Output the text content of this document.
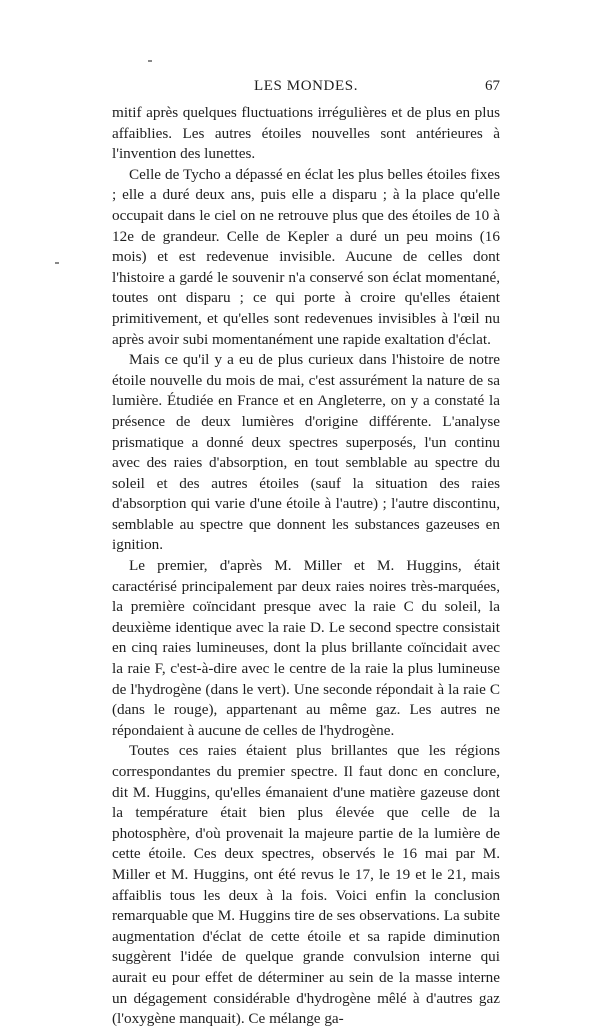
LES MONDES.	67

mitif après quelques fluctuations irrégulières et de plus en plus affaiblies. Les autres étoiles nouvelles sont antérieures à l'invention des lunettes.

Celle de Tycho a dépassé en éclat les plus belles étoiles fixes ; elle a duré deux ans, puis elle a disparu ; à la place qu'elle occupait dans le ciel on ne retrouve plus que des étoiles de 10 à 12e de grandeur. Celle de Kepler a duré un peu moins (16 mois) et est redevenue invisible. Aucune de celles dont l'histoire a gardé le souvenir n'a conservé son éclat momentané, toutes ont disparu ; ce qui porte à croire qu'elles étaient primitivement, et qu'elles sont redevenues invisibles à l'œil nu après avoir subi momentanément une rapide exaltation d'éclat.

Mais ce qu'il y a eu de plus curieux dans l'histoire de notre étoile nouvelle du mois de mai, c'est assurément la nature de sa lumière. Étudiée en France et en Angleterre, on y a constaté la présence de deux lumières d'origine différente. L'analyse prismatique a donné deux spectres superposés, l'un continu avec des raies d'absorption, en tout semblable au spectre du soleil et des autres étoiles (sauf la situation des raies d'absorption qui varie d'une étoile à l'autre) ; l'autre discontinu, semblable au spectre que donnent les substances gazeuses en ignition.

Le premier, d'après M. Miller et M. Huggins, était caractérisé principalement par deux raies noires très-marquées, la première coïncidant presque avec la raie C du soleil, la deuxième identique avec la raie D. Le second spectre consistait en cinq raies lumineuses, dont la plus brillante coïncidait avec la raie F, c'est-à-dire avec le centre de la raie la plus lumineuse de l'hydrogène (dans le vert). Une seconde répondait à la raie C (dans le rouge), appartenant au même gaz. Les autres ne répondaient à aucune de celles de l'hydrogène.

Toutes ces raies étaient plus brillantes que les régions correspondantes du premier spectre. Il faut donc en conclure, dit M. Huggins, qu'elles émanaient d'une matière gazeuse dont la température était bien plus élevée que celle de la photosphère, d'où provenait la majeure partie de la lumière de cette étoile. Ces deux spectres, observés le 16 mai par M. Miller et M. Huggins, ont été revus le 17, le 19 et le 21, mais affaiblis tous les deux à la fois. Voici enfin la conclusion remarquable que M. Huggins tire de ses observations. La subite augmentation d'éclat de cette étoile et sa rapide diminution suggèrent l'idée de quelque grande convulsion interne qui aurait eu pour effet de déterminer au sein de la masse interne un dégagement considérable d'hydrogène mêlé à d'autres gaz (l'oxygène manquait). Ce mélange ga-
